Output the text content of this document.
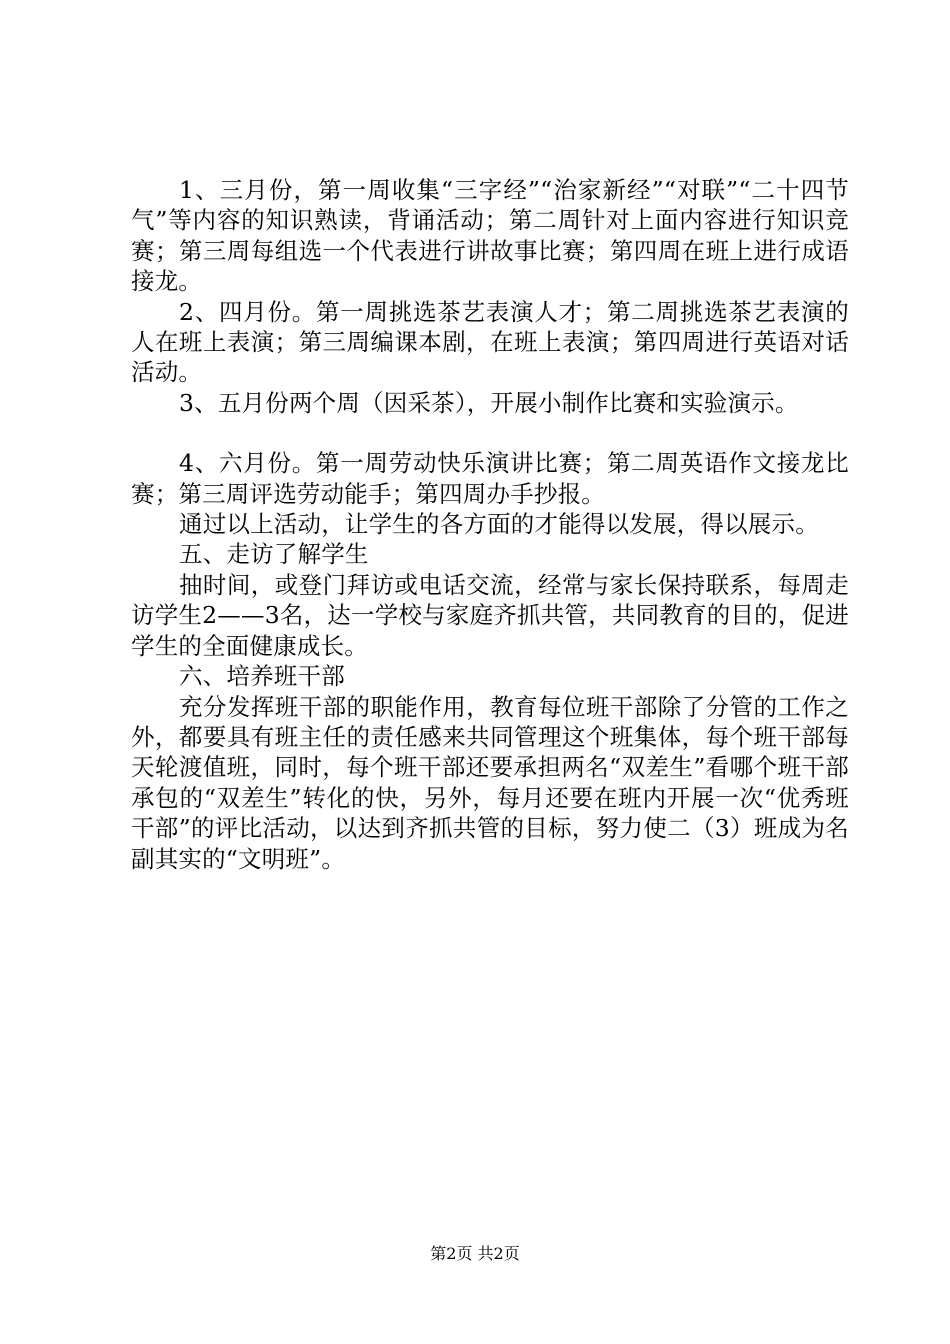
1、三月份，第一周收集“三字经”“治家新经”“对联”“二十四节气”等内容的知识熟读，背诵活动；第二周针对上面内容进行知识竞赛；第三周每组选一个代表进行讲故事比赛；第四周在班上进行成语接龙。

2、四月份。第一周挑选茶艺表演人才；第二周挑选茶艺表演的人在班上表演；第三周编课本剧，在班上表演；第四周进行英语对话活动。

3、五月份两个周（因采茶），开展小制作比赛和实验演示。

4、六月份。第一周劳动快乐演讲比赛；第二周英语作文接龙比赛；第三周评选劳动能手；第四周办手抄报。

通过以上活动，让学生的各方面的才能得以发展，得以展示。

五、走访了解学生

抽时间，或登门拜访或电话交流，经常与家长保持联系，每周走访学生2——3名，达一学校与家庭齐抓共管，共同教育的目的，促进学生的全面健康成长。

六、培养班干部

充分发挥班干部的职能作用，教育每位班干部除了分管的工作之外，都要具有班主任的责任感来共同管理这个班集体，每个班干部每天轮渡值班，同时，每个班干部还要承担两名“双差生”看哪个班干部承包的“双差生”转化的快，另外，每月还要在班内开展一次“优秀班干部”的评比活动，以达到齐抓共管的目标，努力使二（3）班成为名副其实的“文明班”。

第2页 共2页
